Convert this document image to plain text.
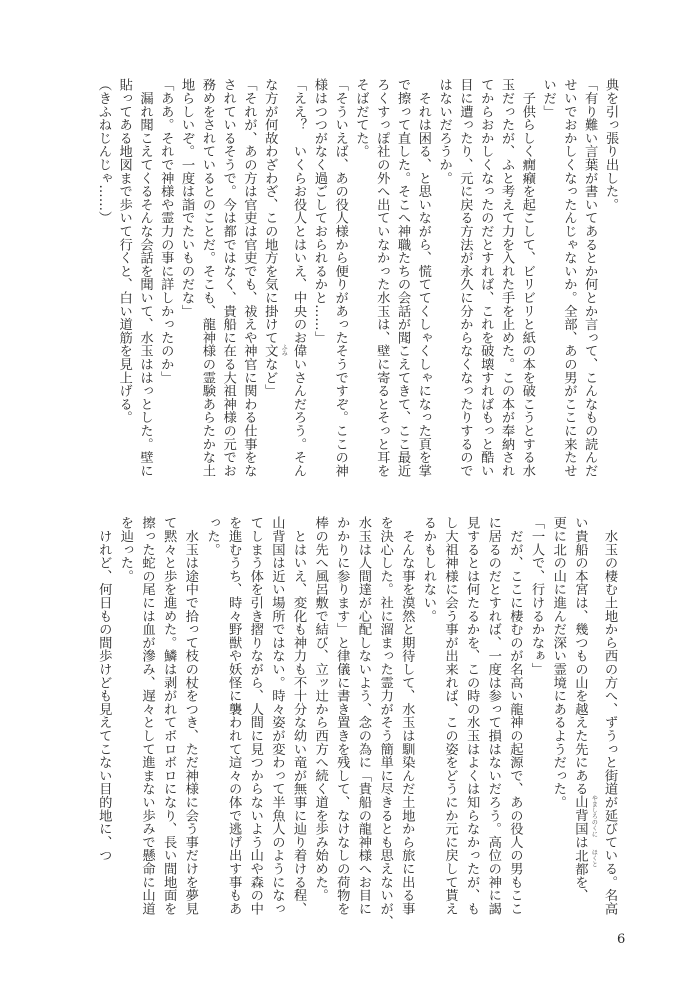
典を引っ張り出した。
「有り難い言葉が書いてあるとか何とか言って、こんなもの読んだ
せいでおかしくなったんじゃないか。全部、あの男がここに来たせ
いだ」
　子供らしく癇癪を起こして、ビリビリと紙の本を破こうとする水
玉だったが、ふと考えて力を入れた手を止めた。この本が奉納され
てからおかしくなったのだとすれば、これを破壊すればもっと酷い
目に遭ったり、元に戻る方法が永久に分からなくなったりするので
はないだろうか。
　それは困る、と思いながら、慌ててくしゃくしゃになった頁を掌
で擦って直した。そこへ神職たちの会話が聞こえてきて、ここ最近
ろくすっぽ社の外へ出ていなかった水玉は、壁に寄るとそっと耳を
そばだてた。
「そういえば、あの役人様から便りがあったそうですぞ。ここの神
様はつつがなく過ごしておられるかと……」
「ええ？　いくらお役人とはいえ、中央のお偉いさんだろう。そん
な方が何故わざわざ、この地方を気に掛けて文 ふみ
など」
「それが、あの方は官吏は官吏でも、祓えや神官に関わる仕事をな
されているそうで。今は都ではなく、貴船に在る大祖神様の元でお
務めをされているとのことだ。そこも、龍神様の霊験あらたかな土
地らしいぞ。一度は詣でたいものだな」
「ああ。それで神様や霊力の事に詳しかったのか」
　漏れ聞こえてくるそんな会話を聞いて、水玉ははっとした。壁に
貼ってある地図まで歩いて行くと、白い道筋を見上げる。
（きふねじんじゃ……）
　水玉の棲む土地から西の方へ、ずうっと街道が延びている。名高
い貴船の本宮は、幾つもの山を越えた先にある山背国 やましろのくに
は北都 ほくと
を、
更に北の山に進んだ深い霊境にあるようだった。
「一人で、行けるかなぁ」
　だが、ここに棲むのが名高い龍神の起源で、あの役人の男もここ
に居るのだとすれば、一度は参って損はないだろう。高位の神に謁
見するとは何たるかを、この時の水玉はよくは知らなかったが、も
し大祖神様に会う事が出来れば、この姿をどうにか元に戻して貰え
るかもしれない。
　そんな事を漠然と期待して、水玉は馴染んだ土地から旅に出る事
を決心した。社に溜まった霊力がそう簡単に尽きるとも思えないが、
水玉は人間達が心配しないよう、念の為に「貴船の龍神様へお目に
かかりに参ります」と律儀に書き置きを残して、なけなしの荷物を
棒の先へ風呂敷で結び、立ッ辻から西方へ続く道を歩み始めた。
　とはいえ、変化も神力も不十分な幼い竜が無事に辿り着ける程、
山背国は近い場所ではない。時々姿が変わって半魚人のようになっ
てしまう体を引き摺りながら、人間に見つからないよう山や森の中
を進むうち、時々野獣や妖怪に襲われて這々の体で逃げ出す事もあ
った。
　水玉は途中で拾って枝の杖をつき、ただ神様に会う事だけを夢見
て黙々と歩を進めた。鱗は剥がれてボロボロになり、長い間地面を
擦った蛇の尾には血が滲み、遅々として進まない歩みで懸命に山道
を辿った。
　けれど、何日もの間歩けども見えてこない目的地に、つ
6
